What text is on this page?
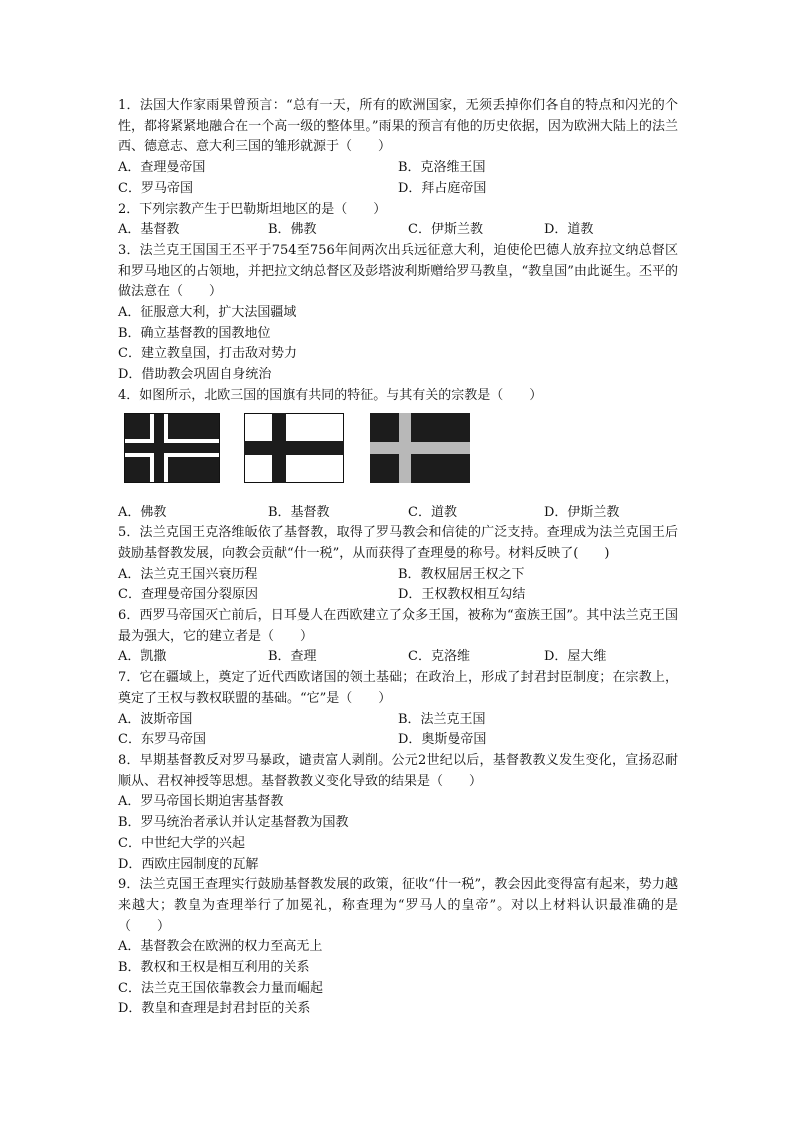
1．法国大作家雨果曾预言：“总有一天，所有的欧洲国家，无须丢掉你们各自的特点和闪光的个性，都将紧紧地融合在一个高一级的整体里。”雨果的预言有他的历史依据，因为欧洲大陆上的法兰西、德意志、意大利三国的雏形就源于（　　）

A．查理曼帝国	B．克洛维王国
C．罗马帝国	D．拜占庭帝国

2．下列宗教产生于巴勒斯坦地区的是（　　）

A．基督教	B．佛教	C．伊斯兰教	D．道教

3．法兰克王国国王丕平于754至756年间两次出兵远征意大利，迫使伦巴德人放弃拉文纳总督区和罗马地区的占领地，并把拉文纳总督区及彭塔波利斯赠给罗马教皇，“教皇国”由此诞生。丕平的做法意在（　　）

A．征服意大利，扩大法国疆域
B．确立基督教的国教地位
C．建立教皇国，打击敌对势力
D．借助教会巩固自身统治

4．如图所示，北欧三国的国旗有共同的特征。与其有关的宗教是（　　）

A．佛教	B．基督教	C．道教	D．伊斯兰教

5．法兰克国王克洛维皈依了基督教，取得了罗马教会和信徒的广泛支持。查理成为法兰克国王后鼓励基督教发展，向教会贡献“什一税”，从而获得了查理曼的称号。材料反映了(　　)

A．法兰克王国兴衰历程	B．教权屈居王权之下
C．查理曼帝国分裂原因	D．王权教权相互勾结

6．西罗马帝国灭亡前后，日耳曼人在西欧建立了众多王国，被称为“蛮族王国”。其中法兰克王国最为强大，它的建立者是（　　）

A．凯撒	B．查理	C．克洛维	D．屋大维

7．它在疆域上，奠定了近代西欧诸国的领土基础；在政治上，形成了封君封臣制度；在宗教上，奠定了王权与教权联盟的基础。“它”是（　　）

A．波斯帝国	B．法兰克王国
C．东罗马帝国	D．奥斯曼帝国

8．早期基督教反对罗马暴政，谴责富人剥削。公元2世纪以后，基督教教义发生变化，宣扬忍耐顺从、君权神授等思想。基督教教义变化导致的结果是（　　）

A．罗马帝国长期迫害基督教
B．罗马统治者承认并认定基督教为国教
C．中世纪大学的兴起
D．西欧庄园制度的瓦解

9．法兰克国王查理实行鼓励基督教发展的政策，征收“什一税”，教会因此变得富有起来，势力越来越大；教皇为查理举行了加冕礼，称查理为“罗马人的皇帝”。对以上材料认识最准确的是（　　）

A．基督教会在欧洲的权力至高无上
B．教权和王权是相互利用的关系
C．法兰克王国依靠教会力量而崛起
D．教皇和查理是封君封臣的关系
